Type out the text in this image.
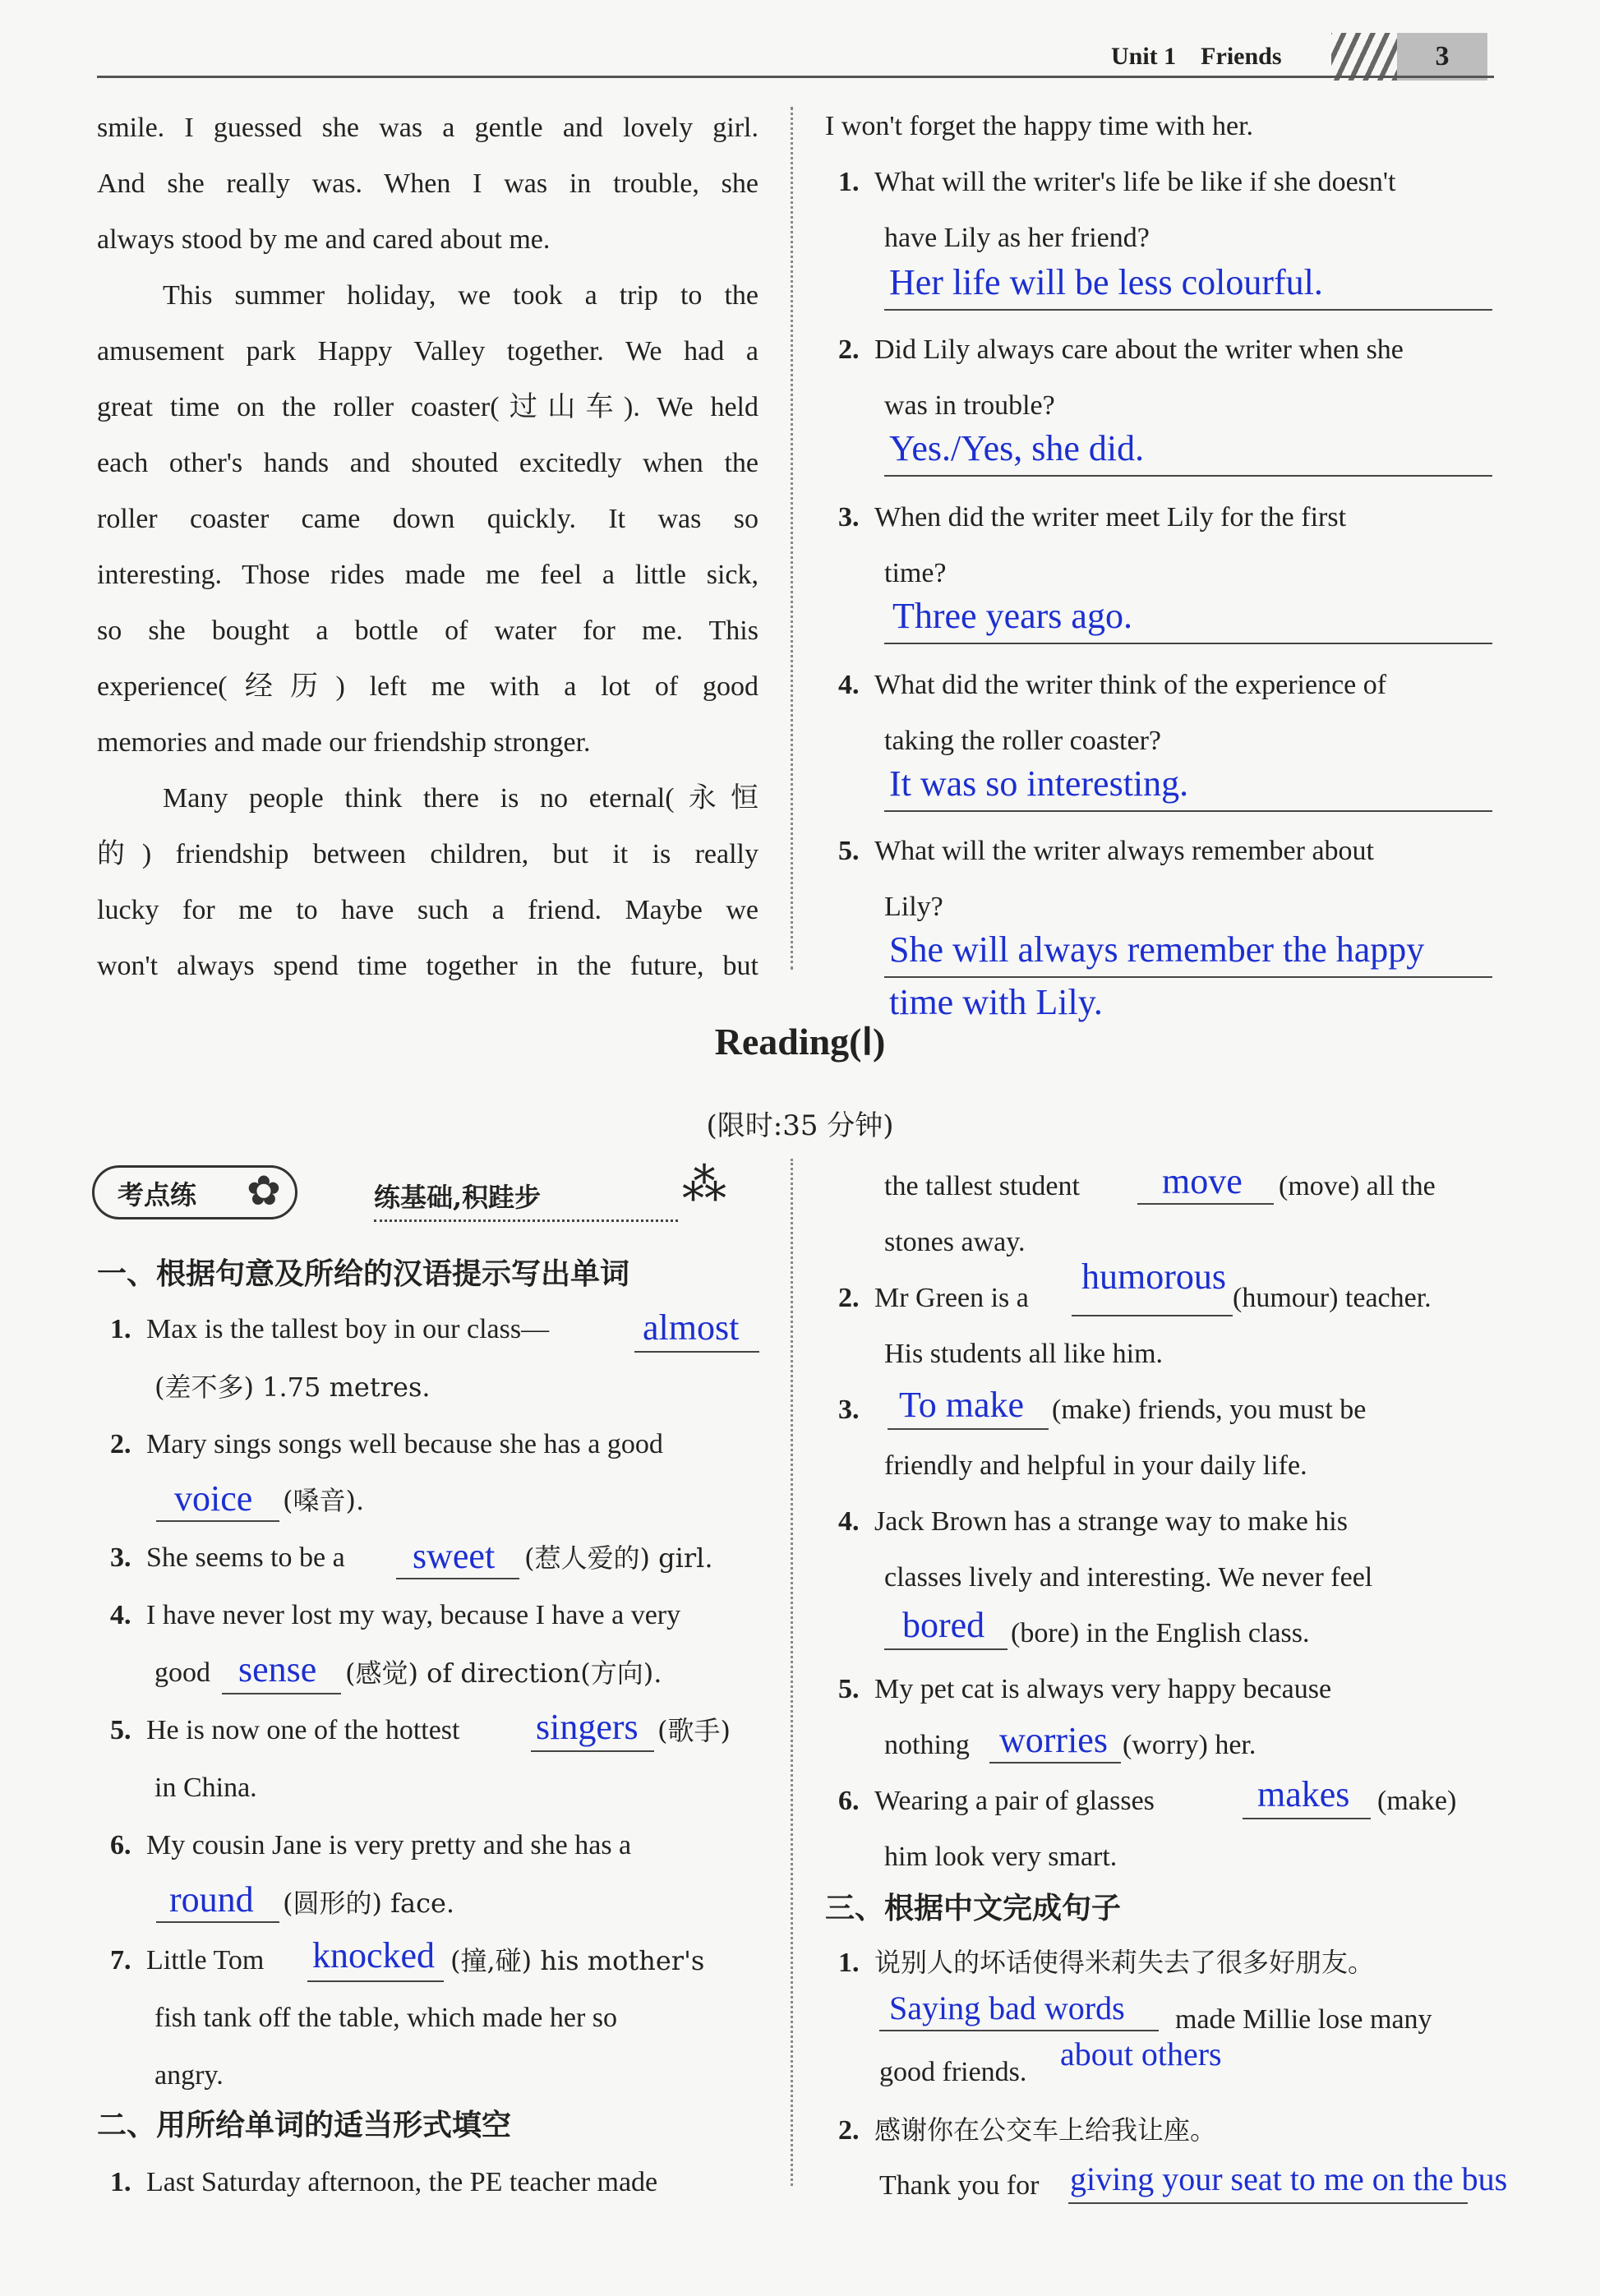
Unit 1    Friends	3
smile. I guessed she was a gentle and lovely girl.
And she really was. When I was in trouble, she
always stood by me and cared about me.
This summer holiday, we took a trip to the
amusement park Happy Valley together. We had a
great time on the roller coaster(过山车). We held
each other's hands and shouted excitedly when the
roller coaster came down quickly. It was so
interesting. Those rides made me feel a little sick,
so she bought a bottle of water for me. This
experience(经历) left me with a lot of good
memories and made our friendship stronger.
Many people think there is no eternal(永恒
的) friendship between children, but it is really
lucky for me to have such a friend. Maybe we
won't always spend time together in the future, but
I won't forget the happy time with her.
1. What will the writer's life be like if she doesn't
have Lily as her friend?
Her life will be less colourful.
2. Did Lily always care about the writer when she
was in trouble?
Yes./Yes, she did.
3. When did the writer meet Lily for the first
time?
Three years ago.
4. What did the writer think of the experience of
taking the roller coaster?
It was so interesting.
5. What will the writer always remember about
Lily?
She will always remember the happy
time with Lily.
Reading(Ⅰ)
(限时:35 分钟)
考点练	✿	练基础,积跬步	⁂
一、根据句意及所给的汉语提示写出单词
1. Max is the tallest boy in our class—	almost
(差不多) 1.75 metres.
2. Mary sings songs well because she has a good
voice (嗓音).
3. She seems to be a sweet (惹人爱的) girl.
4. I have never lost my way, because I have a very
good sense (感觉) of direction(方向).
5. He is now one of the hottest singers (歌手)
in China.
6. My cousin Jane is very pretty and she has a
round (圆形的) face.
7. Little Tom knocked (撞,碰) his mother's
fish tank off the table, which made her so
angry.
二、用所给单词的适当形式填空
1. Last Saturday afternoon, the PE teacher made
the tallest student move (move) all the
stones away.
2. Mr Green is a
humorous
(humour) teacher.
His students all like him.
3.	To make (make) friends, you must be
friendly and helpful in your daily life.
4. Jack Brown has a strange way to make his
classes lively and interesting. We never feel
bored (bore) in the English class.
5. My pet cat is always very happy because
nothing worries (worry) her.
6. Wearing a pair of glasses	makes (make)
him look very smart.
三、根据中文完成句子
1. 说别人的坏话使得米莉失去了很多好朋友。
Saying bad words made Millie lose many
good friends. about others
2. 感谢你在公交车上给我让座。
Thank you for giving your seat to me on the bus
